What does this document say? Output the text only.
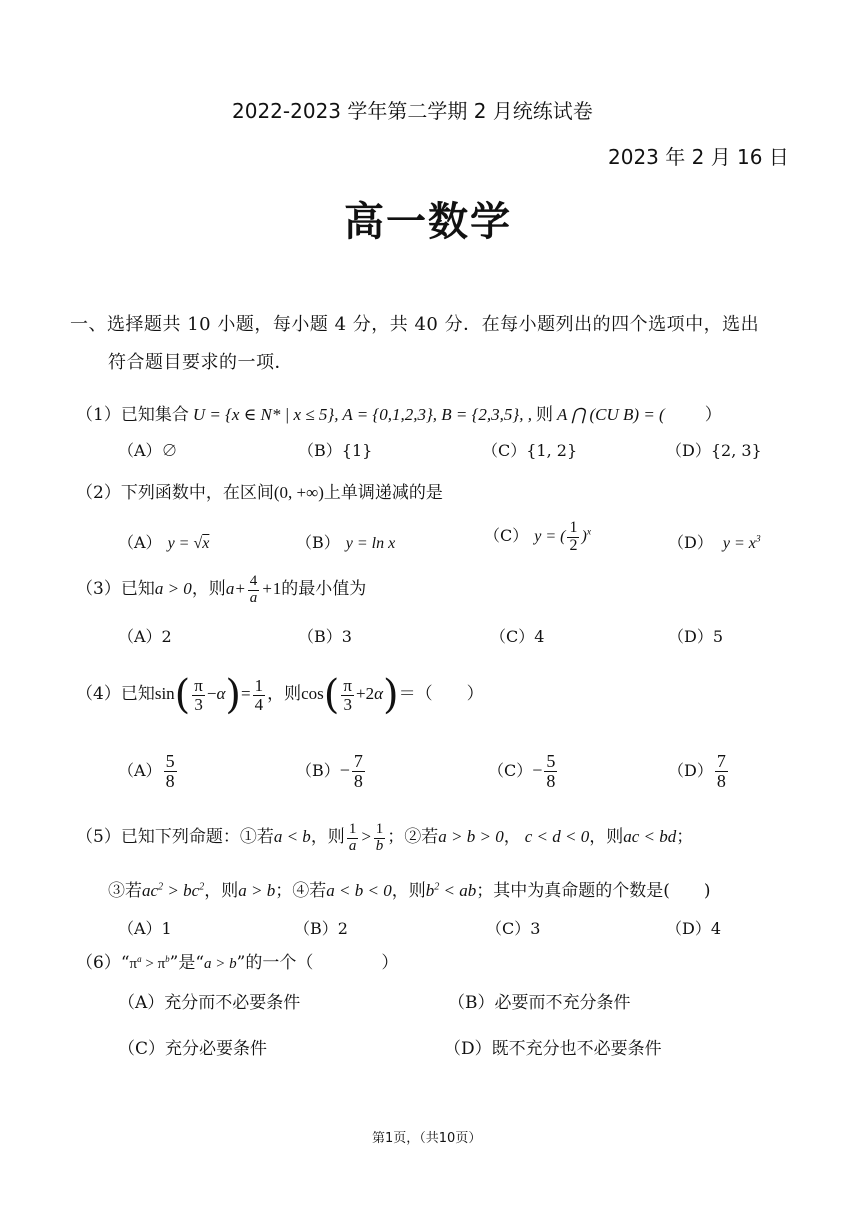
2022-2023 学年第二学期 2 月统练试卷
2023 年 2 月 16 日
高一数学
一、选择题共 10 小题，每小题 4 分，共 40 分．在每小题列出的四个选项中，选出
符合题目要求的一项．
（1）已知集合 U = {x ∈ N* | x ≤ 5}, A = {0,1,2,3}, B = {2,3,5}, , 则 A ⋂ (CU B) = ( ）
（A）∅	（B）{1}	（C）{1, 2}	（D）{2, 3}
（2）下列函数中，在区间(0, +∞)上单调递减的是
（A） y = √x	（B） y = ln x	（C） y = ( $\frac{1}{2} )^x$
（D） $y = x^3$
（3）已知a > 0，则$a+ \frac{4}{a} +1$的最小值为
（A）2	（B）3	（C）4	（D）5
（4）已知$\sin( \frac{\pi}{3} -\alpha)= \frac{1}{4}$ ，则$\cos( \frac{\pi}{3} +2\alpha)=$（　　）
$(A) \frac{5}{8}$	$(B)- \frac{7}{8}$	$(C)- \frac{5}{8}$	$(D) \frac{7}{8}$
（5）已知下列命题：①若a < b，则 $\frac{1}{a} > \frac{1}{b}$ ；②若a > b > 0， c < d < 0，则ac < bd；
③若$ac^2 > bc^2$，则a > b；④若a < b < 0，则$b^2$ < ab；其中为真命题的个数是(　　)
（A）1	（B）2	（C）3	（D）4
$(6)“\pi^a > \pi^b$”是“a > b”的一个（　　　　）
（A）充分而不必要条件	（B）必要而不充分条件
（C）充分必要条件	（D）既不充分也不必要条件
第1页，（共10页）
